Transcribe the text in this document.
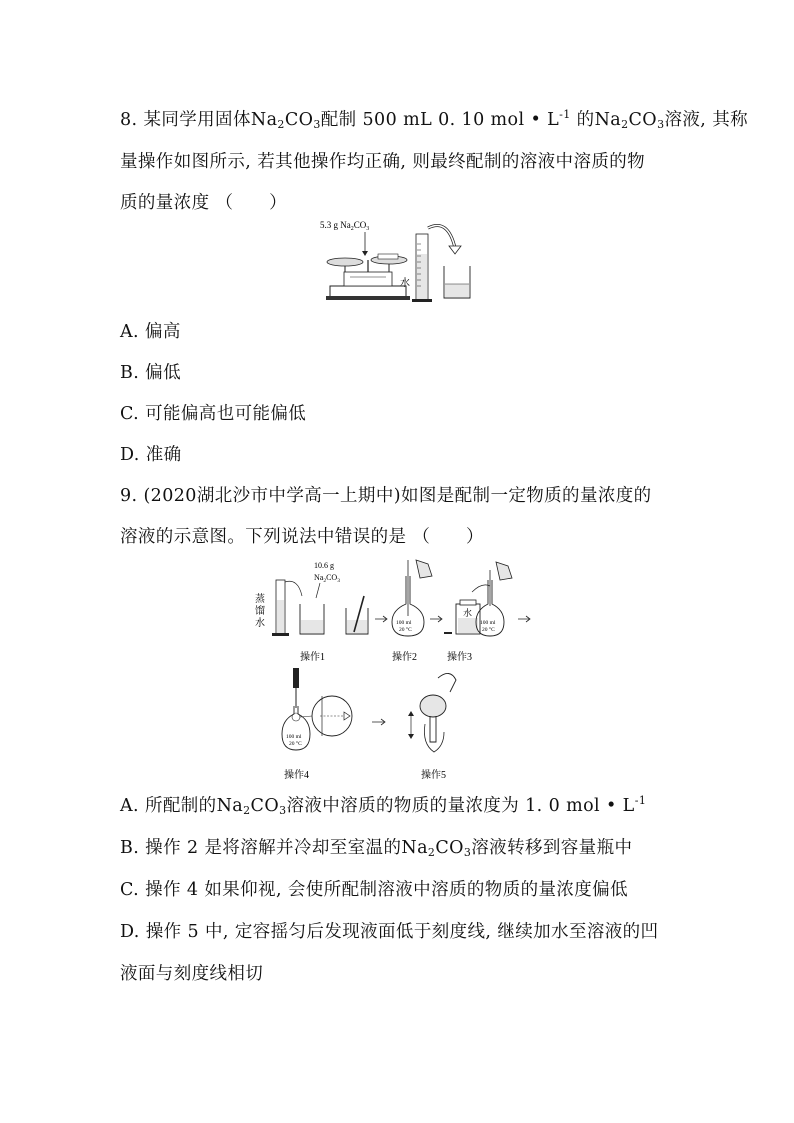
8. 某同学用固体$Na_2CO_3$配制 500 mL 0. 10 mol • $L^{-1}$ 的$Na_2CO_3$溶液, 其称
量操作如图所示, 若其他操作均正确, 则最终配制的溶液中溶质的物
质的量浓度 （　　）
5.3 g $Na_2CO_3$
水
A. 偏高
B. 偏低
C. 可能偏高也可能偏低
D. 准确
9. (2020湖北沙市中学高一上期中)如图是配制一定物质的量浓度的
溶液的示意图。下列说法中错误的是 （　　）
10.6 g
$Na_2CO_3$
蒸
馏
水	100 ml
20 °C
水
100 ml
20 °C
操作1	操作2	操作3
100 ml
20 °C
操作4	操作5
A. 所配制的$Na_2CO_3$溶液中溶质的物质的量浓度为 1. 0 mol • $L^{-1}$
B. 操作 2 是将溶解并冷却至室温的$Na_2CO_3$溶液转移到容量瓶中
C. 操作 4 如果仰视, 会使所配制溶液中溶质的物质的量浓度偏低
D. 操作 5 中, 定容摇匀后发现液面低于刻度线, 继续加水至溶液的凹
液面与刻度线相切
